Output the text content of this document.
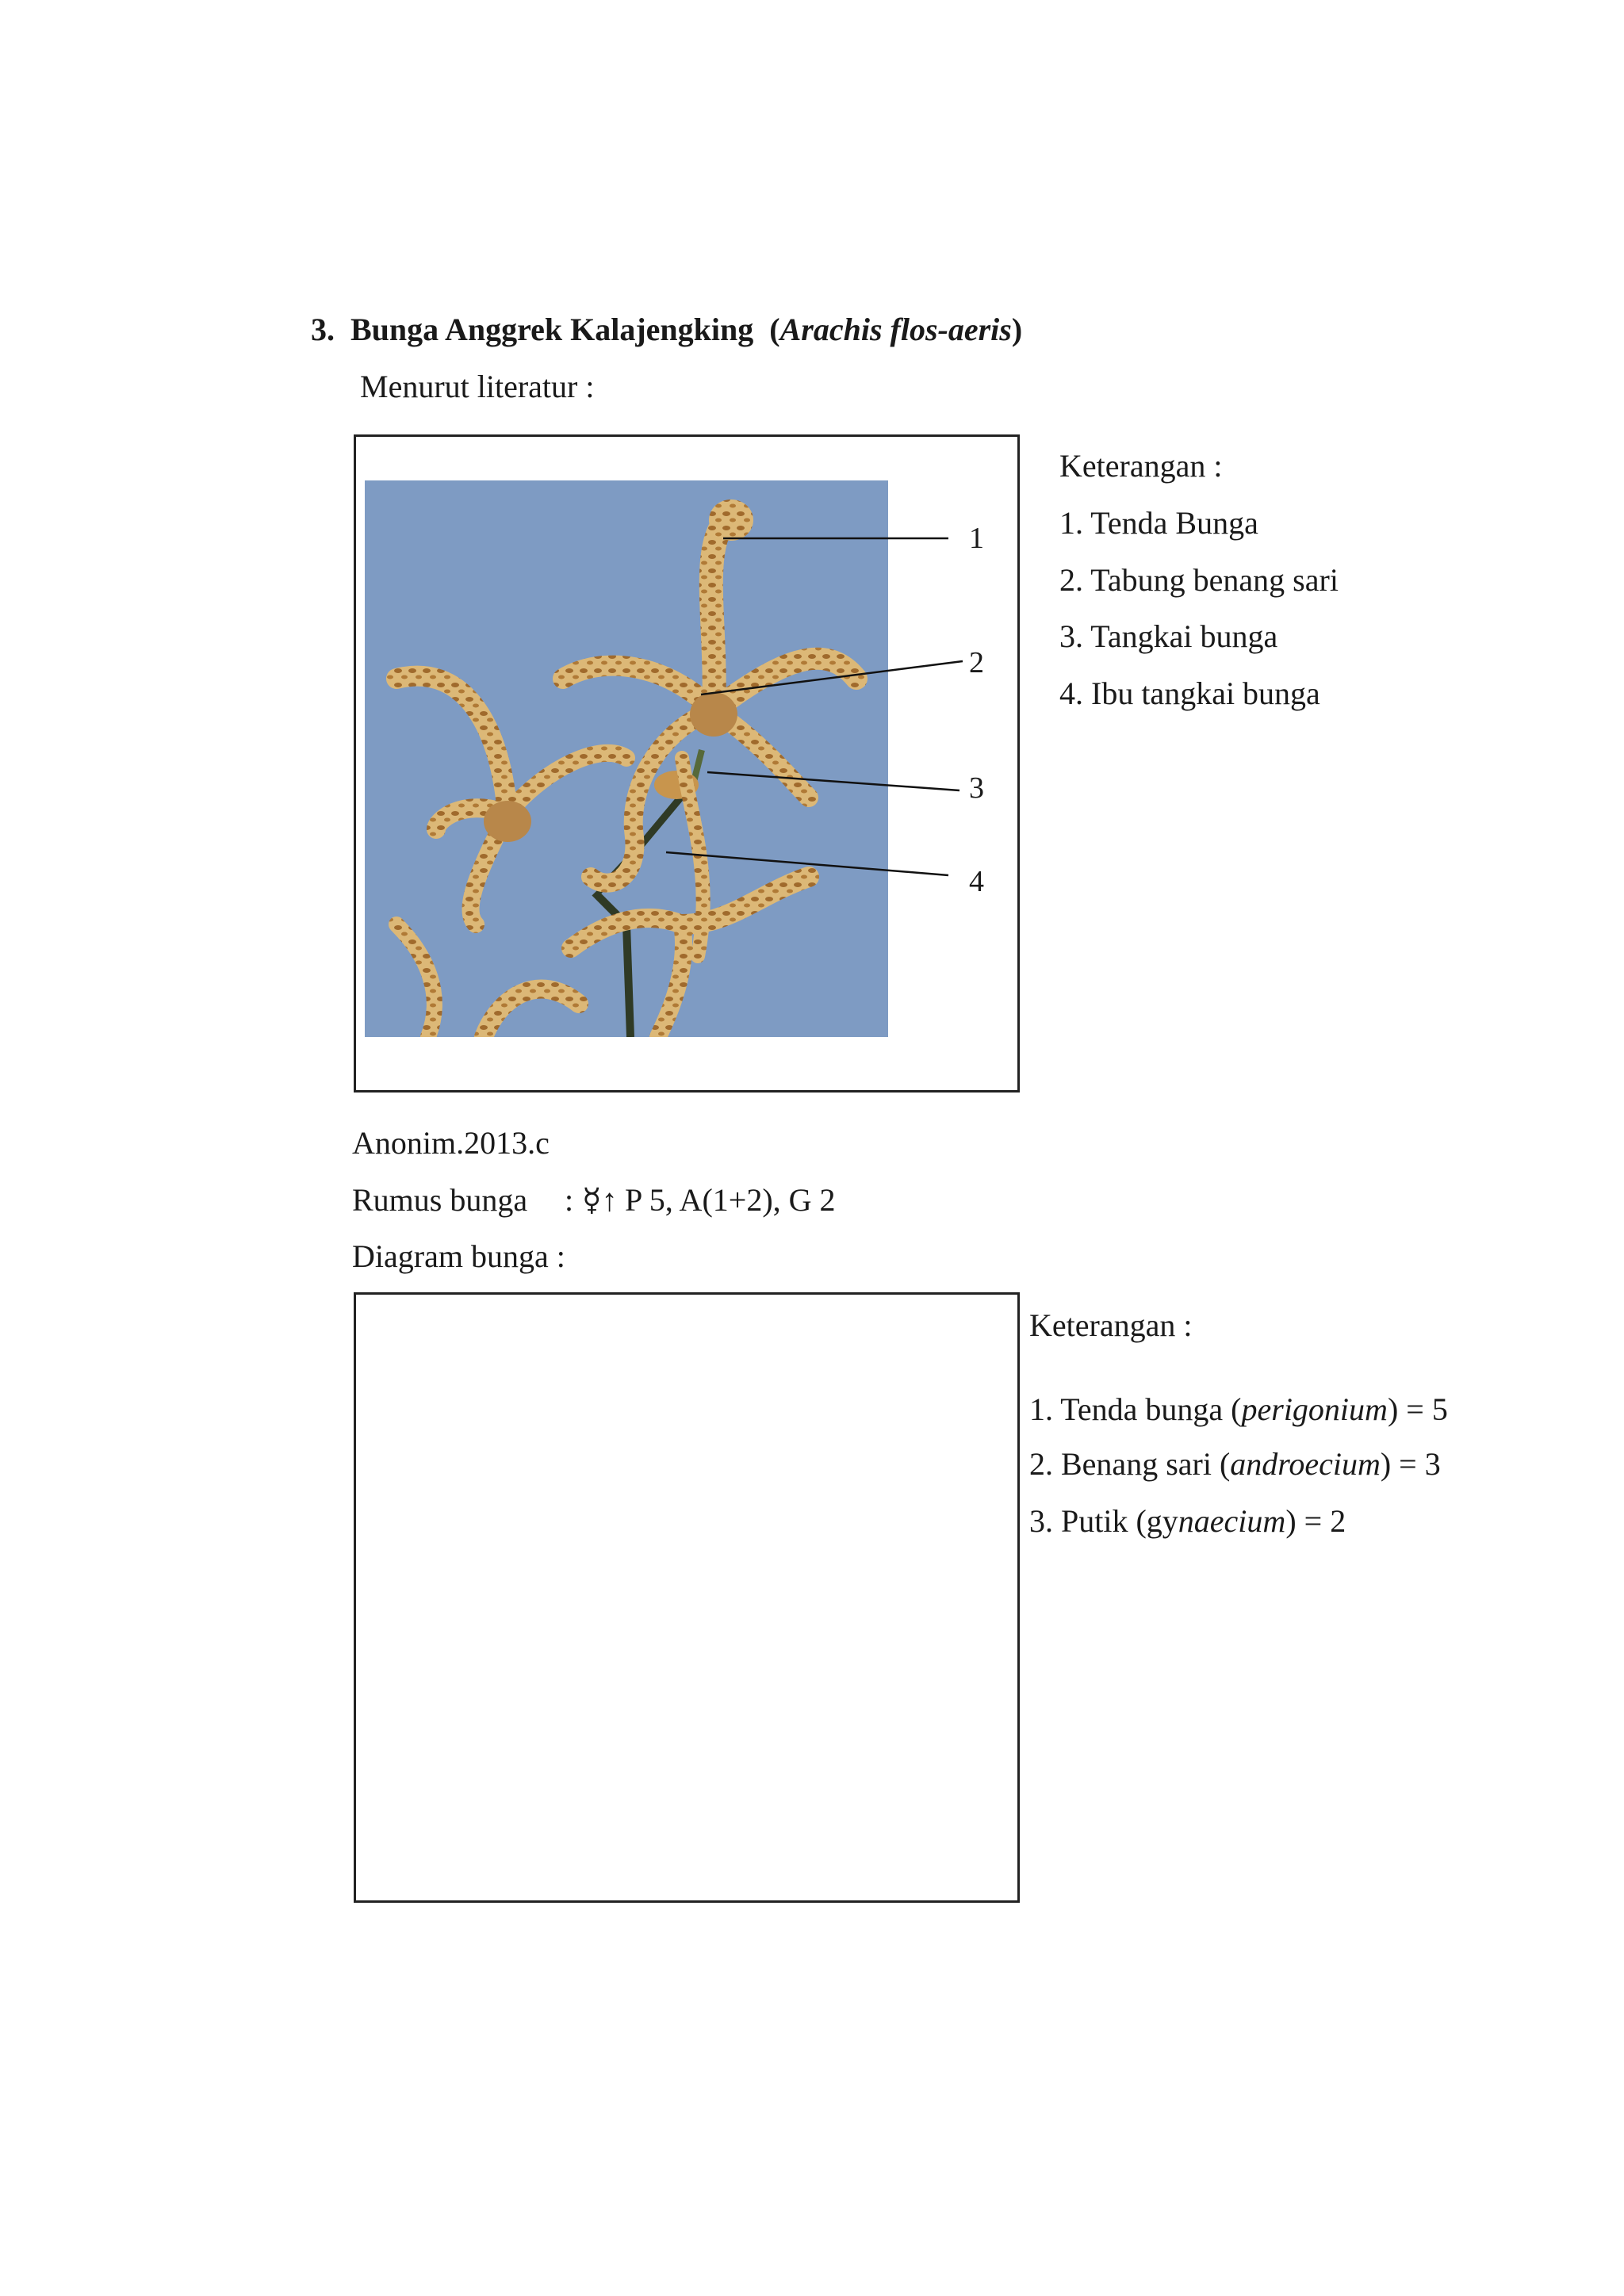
3. Bunga Anggrek Kalajengking (Arachis flos-aeris)
Menurut literatur :
1
2
3
4
Keterangan :
1. Tenda Bunga
2. Tabung benang sari
3. Tangkai bunga
4. Ibu tangkai bunga
Anonim.2013.c
Rumus bunga : ☿↑ P 5, A(1+2), G 2
Diagram bunga :
Keterangan :
1. Tenda bunga (perigonium) = 5
2. Benang sari (androecium) = 3
3. Putik (gynaecium) = 2
